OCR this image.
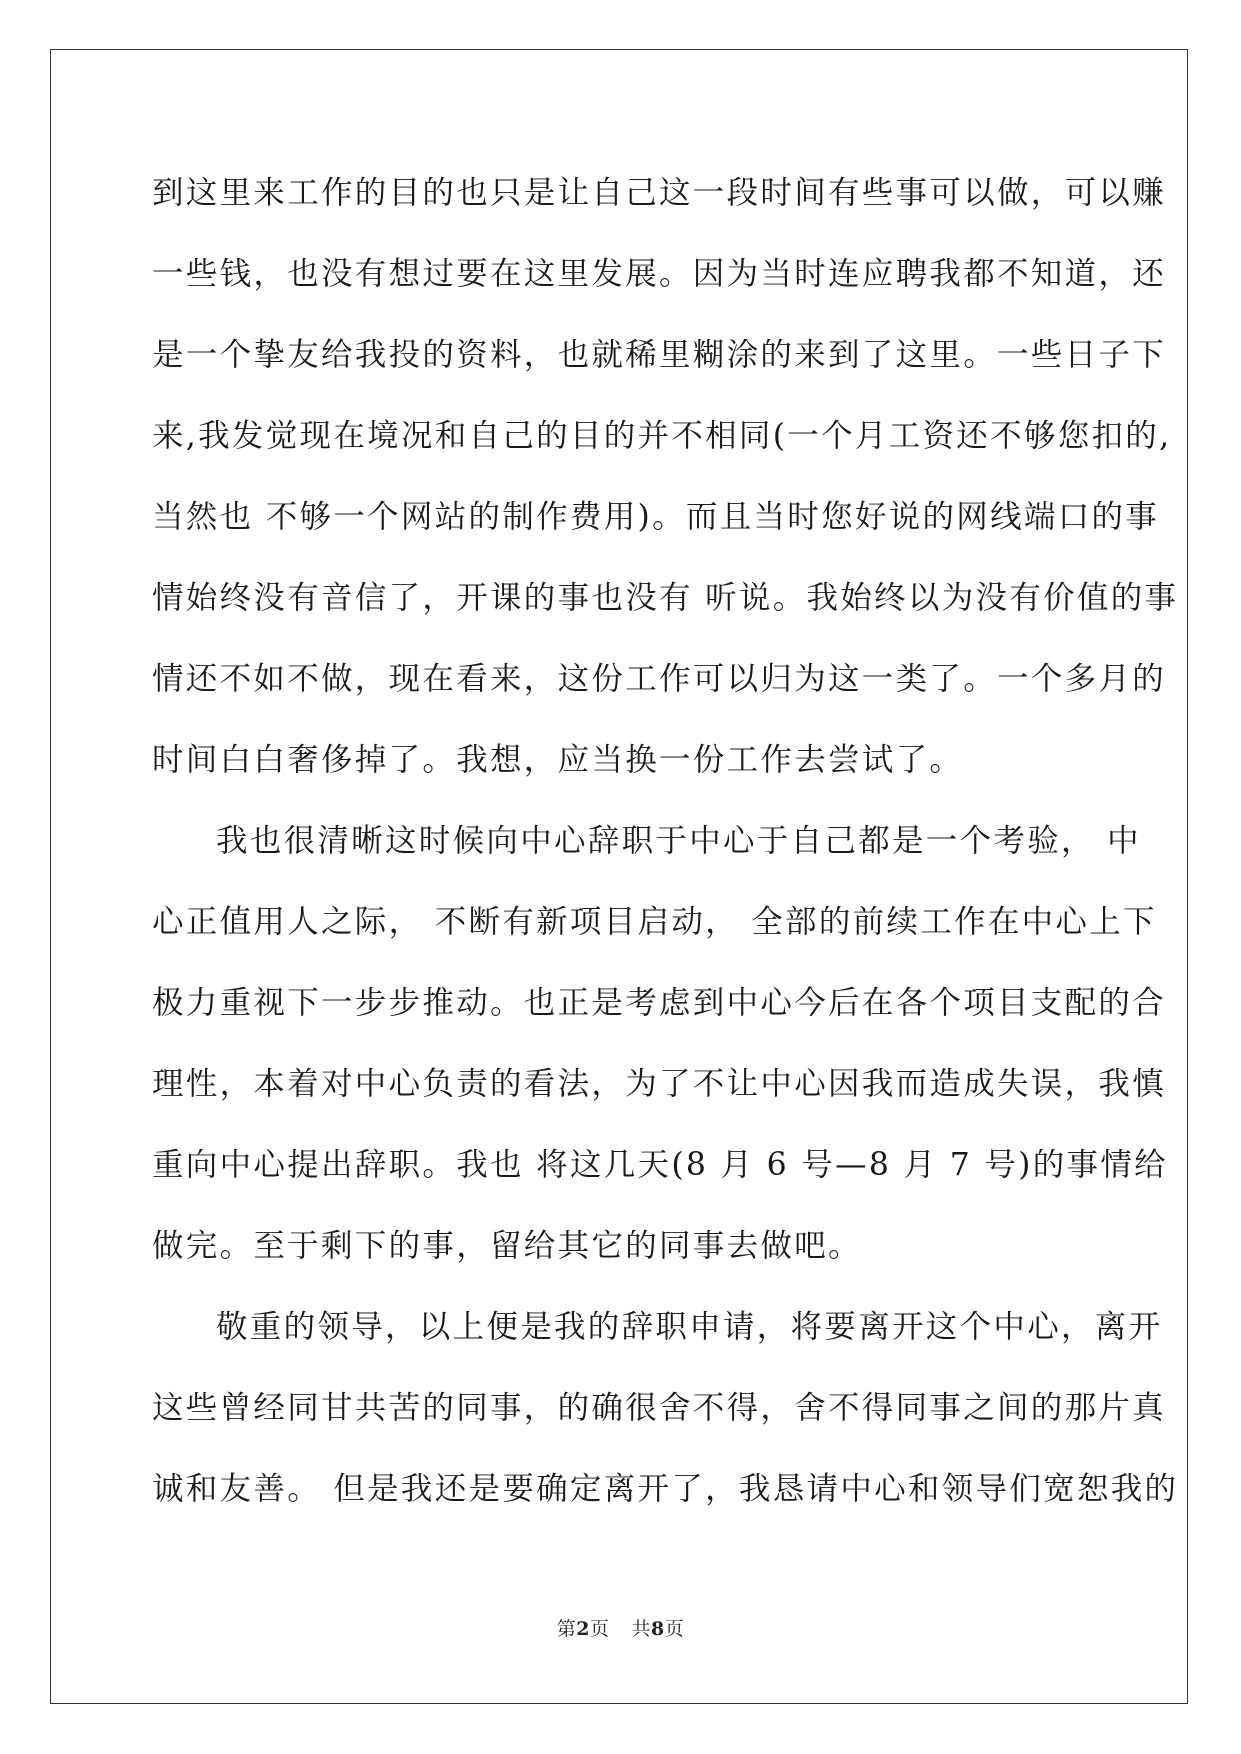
到这里来工作的目的也只是让自己这一段时间有些事可以做，可以赚
一些钱，也没有想过要在这里发展。因为当时连应聘我都不知道，还
是一个挚友给我投的资料，也就稀里糊涂的来到了这里。一些日子下
来,我发觉现在境况和自己的目的并不相同(一个月工资还不够您扣的,
当然也 不够一个网站的制作费用)。而且当时您好说的网线端口的事
情始终没有音信了，开课的事也没有 听说。我始终以为没有价值的事
情还不如不做，现在看来，这份工作可以归为这一类了。一个多月的
时间白白奢侈掉了。我想，应当换一份工作去尝试了。
我也很清晰这时候向中心辞职于中心于自己都是一个考验， 中
心正值用人之际， 不断有新项目启动， 全部的前续工作在中心上下
极力重视下一步步推动。也正是考虑到中心今后在各个项目支配的合
理性，本着对中心负责的看法，为了不让中心因我而造成失误，我慎
重向中心提出辞职。我也 将这几天(8 月 6 号—8 月 7 号)的事情给
做完。至于剩下的事，留给其它的同事去做吧。
敬重的领导，以上便是我的辞职申请，将要离开这个中心，离开
这些曾经同甘共苦的同事，的确很舍不得，舍不得同事之间的那片真
诚和友善。 但是我还是要确定离开了，我恳请中心和领导们宽恕我的
第2页 共8页
